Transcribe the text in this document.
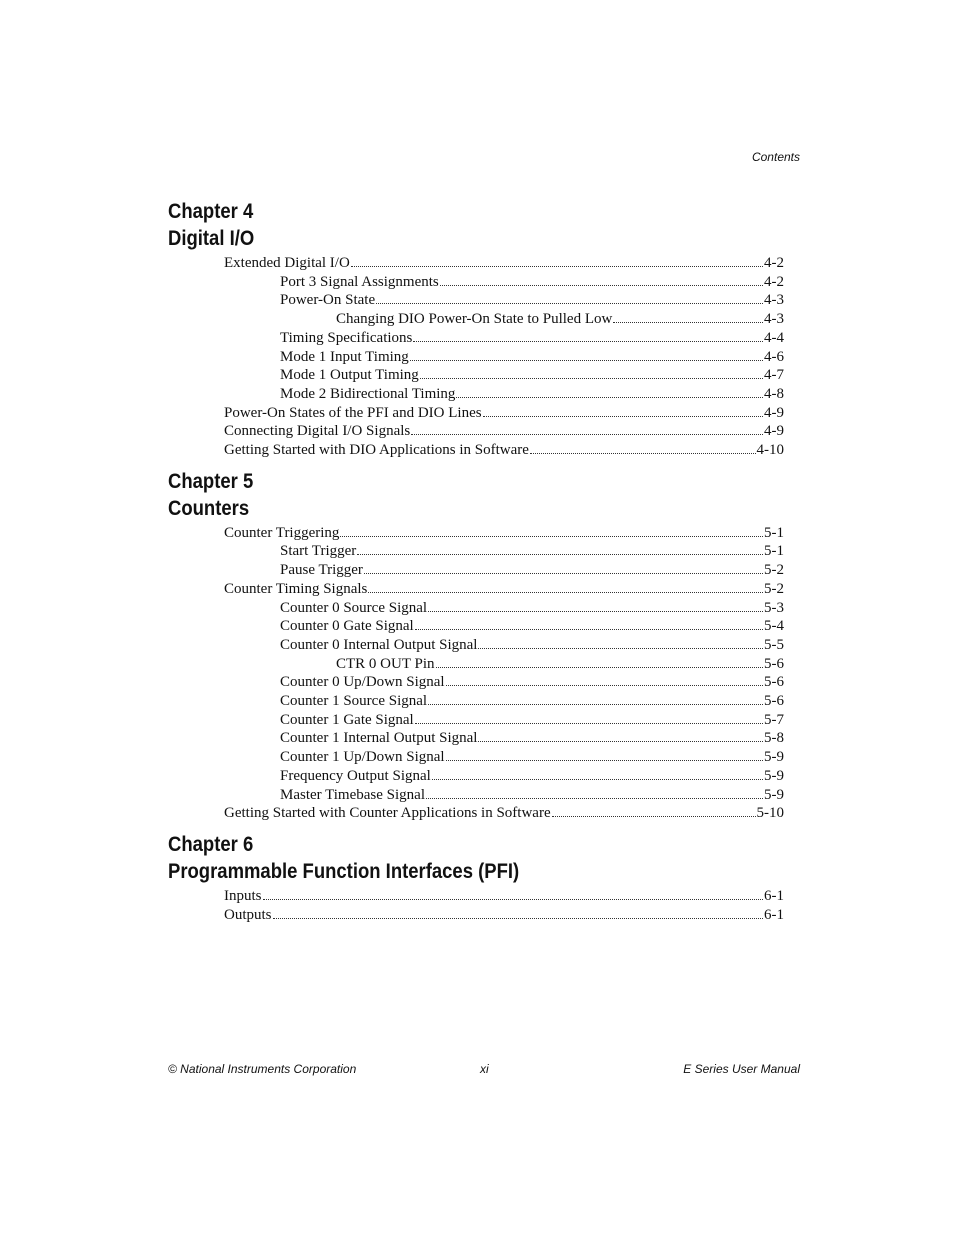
Contents
Chapter 4
Digital I/O
Extended Digital I/O	4-2
Port 3 Signal Assignments	4-2
Power-On State	4-3
Changing DIO Power-On State to Pulled Low	4-3
Timing Specifications	4-4
Mode 1 Input Timing	4-6
Mode 1 Output Timing	4-7
Mode 2 Bidirectional Timing	4-8
Power-On States of the PFI and DIO Lines	4-9
Connecting Digital I/O Signals	4-9
Getting Started with DIO Applications in Software	4-10
Chapter 5
Counters
Counter Triggering	5-1
Start Trigger	5-1
Pause Trigger	5-2
Counter Timing Signals	5-2
Counter 0 Source Signal	5-3
Counter 0 Gate Signal	5-4
Counter 0 Internal Output Signal	5-5
CTR 0 OUT Pin	5-6
Counter 0 Up/Down Signal	5-6
Counter 1 Source Signal	5-6
Counter 1 Gate Signal	5-7
Counter 1 Internal Output Signal	5-8
Counter 1 Up/Down Signal	5-9
Frequency Output Signal	5-9
Master Timebase Signal	5-9
Getting Started with Counter Applications in Software	5-10
Chapter 6
Programmable Function Interfaces (PFI)
Inputs	6-1
Outputs	6-1
© National Instruments Corporation	xi	E Series User Manual
